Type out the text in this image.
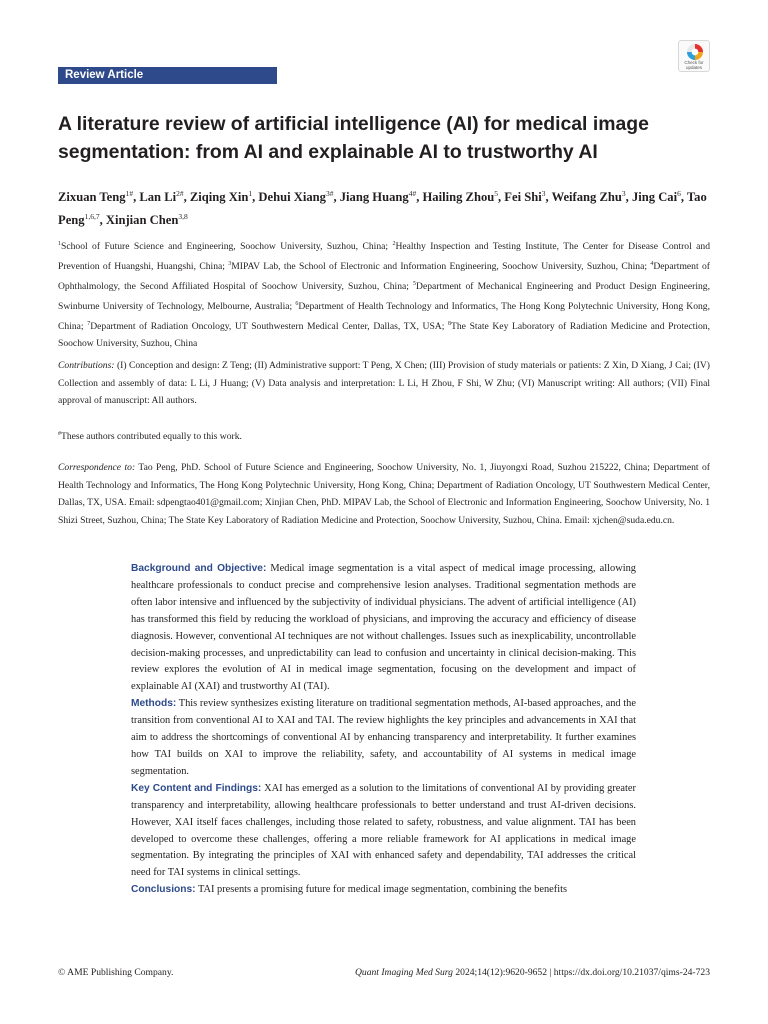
Review Article
Check for updates
A literature review of artificial intelligence (AI) for medical image segmentation: from AI and explainable AI to trustworthy AI
Zixuan Teng$^{1\#}$, Lan $Li^{2\#}$, Ziqing Xin$^1$, Dehui Xiang$^{3\#}$, Jiang Huang$^{4\#}$, Hailing Zhou$^5$, Fei Shi$^3$, Weifang Zhu$^3$, Jing Cai$^6$, Tao Peng$^{1,6,7}$, Xinjian Chen$^{3,8}$
$^1$School of Future Science and Engineering, Soochow University, Suzhou, China; $^2$Healthy Inspection and Testing Institute, The Center for Disease Control and Prevention of Huangshi, Huangshi, China; $^3$MIPAV Lab, the School of Electronic and Information Engineering, Soochow University, Suzhou, China; $^4$Department of Ophthalmology, the Second Affiliated Hospital of Soochow University, Suzhou, China; $^5$Department of Mechanical Engineering and Product Design Engineering, Swinburne University of Technology, Melbourne, Australia; $^6$Department of Health Technology and Informatics, The Hong Kong Polytechnic University, Hong Kong, China; $^7$Department of Radiation Oncology, UT Southwestern Medical Center, Dallas, TX, USA; $^8$The State Key Laboratory of Radiation Medicine and Protection, Soochow University, Suzhou, China
Contributions: (I) Conception and design: Z Teng; (II) Administrative support: T Peng, X Chen; (III) Provision of study materials or patients: Z Xin, D Xiang, J Cai; (IV) Collection and assembly of data: L Li, J Huang; (V) Data analysis and interpretation: L Li, H Zhou, F Shi, W Zhu; (VI) Manuscript writing: All authors; (VII) Final approval of manuscript: All authors.
#These authors contributed equally to this work.
Correspondence to: Tao Peng, PhD. School of Future Science and Engineering, Soochow University, No. 1, Jiuyongxi Road, Suzhou 215222, China; Department of Health Technology and Informatics, The Hong Kong Polytechnic University, Hong Kong, China; Department of Radiation Oncology, UT Southwestern Medical Center, Dallas, TX, USA. Email: sdpengtao401@gmail.com; Xinjian Chen, PhD. MIPAV Lab, the School of Electronic and Information Engineering, Soochow University, No. 1 Shizi Street, Suzhou, China; The State Key Laboratory of Radiation Medicine and Protection, Soochow University, Suzhou, China. Email: xjchen@suda.edu.cn.

Background and Objective: Medical image segmentation is a vital aspect of medical image processing, allowing healthcare professionals to conduct precise and comprehensive lesion analyses. Traditional segmentation methods are often labor intensive and influenced by the subjectivity of individual physicians. The advent of artificial intelligence (AI) has transformed this field by reducing the workload of physicians, and improving the accuracy and efficiency of disease diagnosis. However, conventional AI techniques are not without challenges. Issues such as inexplicability, uncontrollable decision-making processes, and unpredictability can lead to confusion and uncertainty in clinical decision-making. This review explores the evolution of AI in medical image segmentation, focusing on the development and impact of explainable AI (XAI) and trustworthy AI (TAI).

Methods: This review synthesizes existing literature on traditional segmentation methods, AI-based approaches, and the transition from conventional AI to XAI and TAI. The review highlights the key principles and advancements in XAI that aim to address the shortcomings of conventional AI by enhancing transparency and interpretability. It further examines how TAI builds on XAI to improve the reliability, safety, and accountability of AI systems in medical image segmentation.

Key Content and Findings: XAI has emerged as a solution to the limitations of conventional AI by providing greater transparency and interpretability, allowing healthcare professionals to better understand and trust AI-driven decisions. However, XAI itself faces challenges, including those related to safety, robustness, and value alignment. TAI has been developed to overcome these challenges, offering a more reliable framework for AI applications in medical image segmentation. By integrating the principles of XAI with enhanced safety and dependability, TAI addresses the critical need for TAI systems in clinical settings.

Conclusions: TAI presents a promising future for medical image segmentation, combining the benefits

© AME Publishing Company.	Quant Imaging Med Surg 2024;14(12):9620-9652 | https://dx.doi.org/10.21037/qims-24-723
